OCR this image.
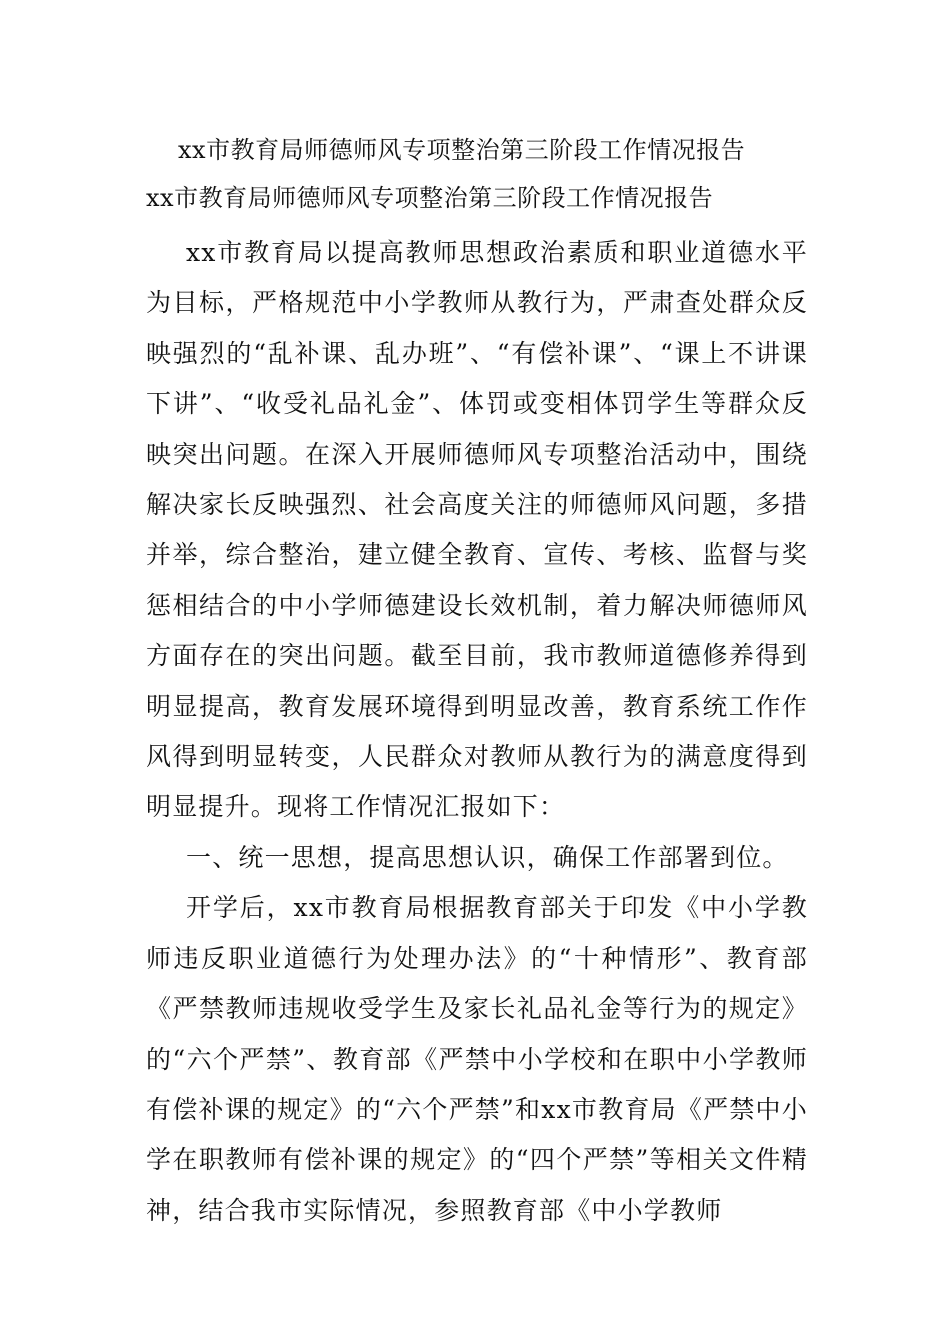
xx市教育局师德师风专项整治第三阶段工作情况报告
xx市教育局师德师风专项整治第三阶段工作情况报告

xx市教育局以提高教师思想政治素质和职业道德水平为目标，严格规范中小学教师从教行为，严肃查处群众反映强烈的“乱补课、乱办班”、“有偿补课”、“课上不讲课下讲”、“收受礼品礼金”、体罚或变相体罚学生等群众反映突出问题。在深入开展师德师风专项整治活动中，围绕解决家长反映强烈、社会高度关注的师德师风问题，多措并举，综合整治，建立健全教育、宣传、考核、监督与奖惩相结合的中小学师德建设长效机制，着力解决师德师风方面存在的突出问题。截至目前，我市教师道德修养得到明显提高，教育发展环境得到明显改善，教育系统工作作风得到明显转变，人民群众对教师从教行为的满意度得到明显提升。现将工作情况汇报如下：

一、统一思想，提高思想认识，确保工作部署到位。

开学后，xx市教育局根据教育部关于印发《中小学教师违反职业道德行为处理办法》的“十种情形”、教育部《严禁教师违规收受学生及家长礼品礼金等行为的规定》的“六个严禁”、教育部《严禁中小学校和在职中小学教师有偿补课的规定》的“六个严禁”和xx市教育局《严禁中小学在职教师有偿补课的规定》的“四个严禁”等相关文件精神，结合我市实际情况，参照教育部《中小学教师
